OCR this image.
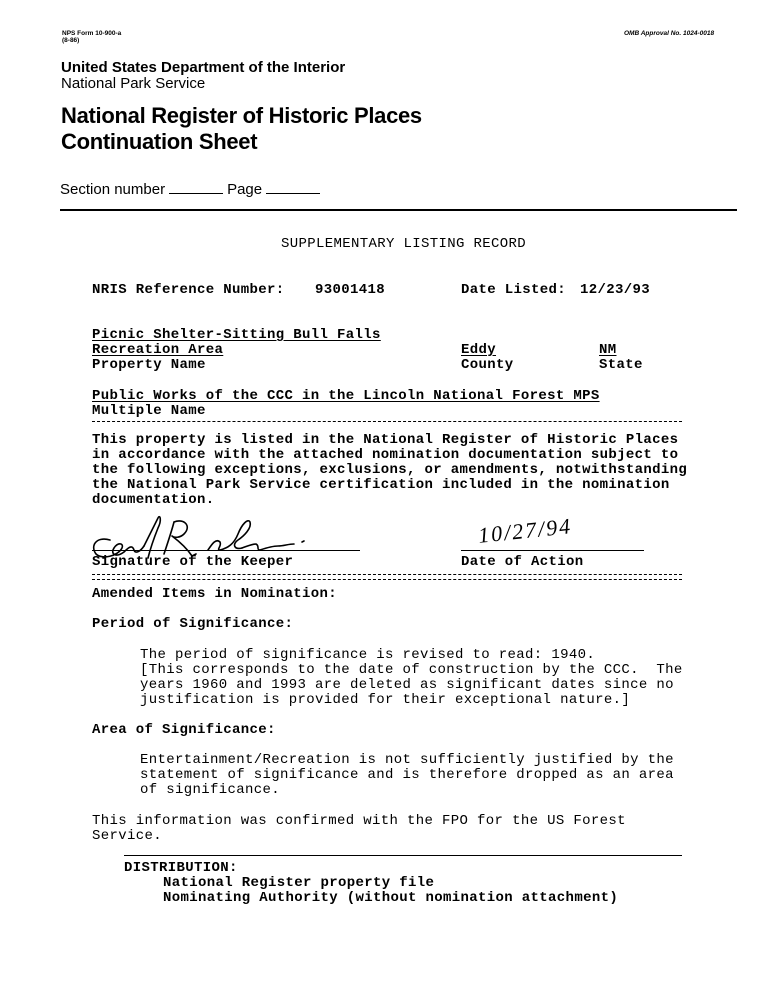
NPS Form 10-900-a
(8-86)
OMB Approval No. 1024-0018
United States Department of the Interior
National Park Service
National Register of Historic Places
Continuation Sheet
Section number	Page
SUPPLEMENTARY LISTING RECORD
NRIS Reference Number: 93001418	Date Listed: 12/23/93
Picnic Shelter-Sitting Bull Falls
Recreation Area	Eddy	NM
Property Name	County	State
Public Works of the CCC in the Lincoln National Forest MPS
Multiple Name
This property is listed in the National Register of Historic Places
in accordance with the attached nomination documentation subject to
the following exceptions, exclusions, or amendments, notwithstanding
the National Park Service certification included in the nomination
documentation.
Signature of the Keeper
10/27/94
Date of Action
Amended Items in Nomination:
Period of Significance:
The period of significance is revised to read: 1940.
[This corresponds to the date of construction by the CCC.  The
years 1960 and 1993 are deleted as significant dates since no
justification is provided for their exceptional nature.]
Area of Significance:
Entertainment/Recreation is not sufficiently justified by the
statement of significance and is therefore dropped as an area
of significance.
This information was confirmed with the FPO for the US Forest
Service.
DISTRIBUTION:
National Register property file
Nominating Authority (without nomination attachment)
